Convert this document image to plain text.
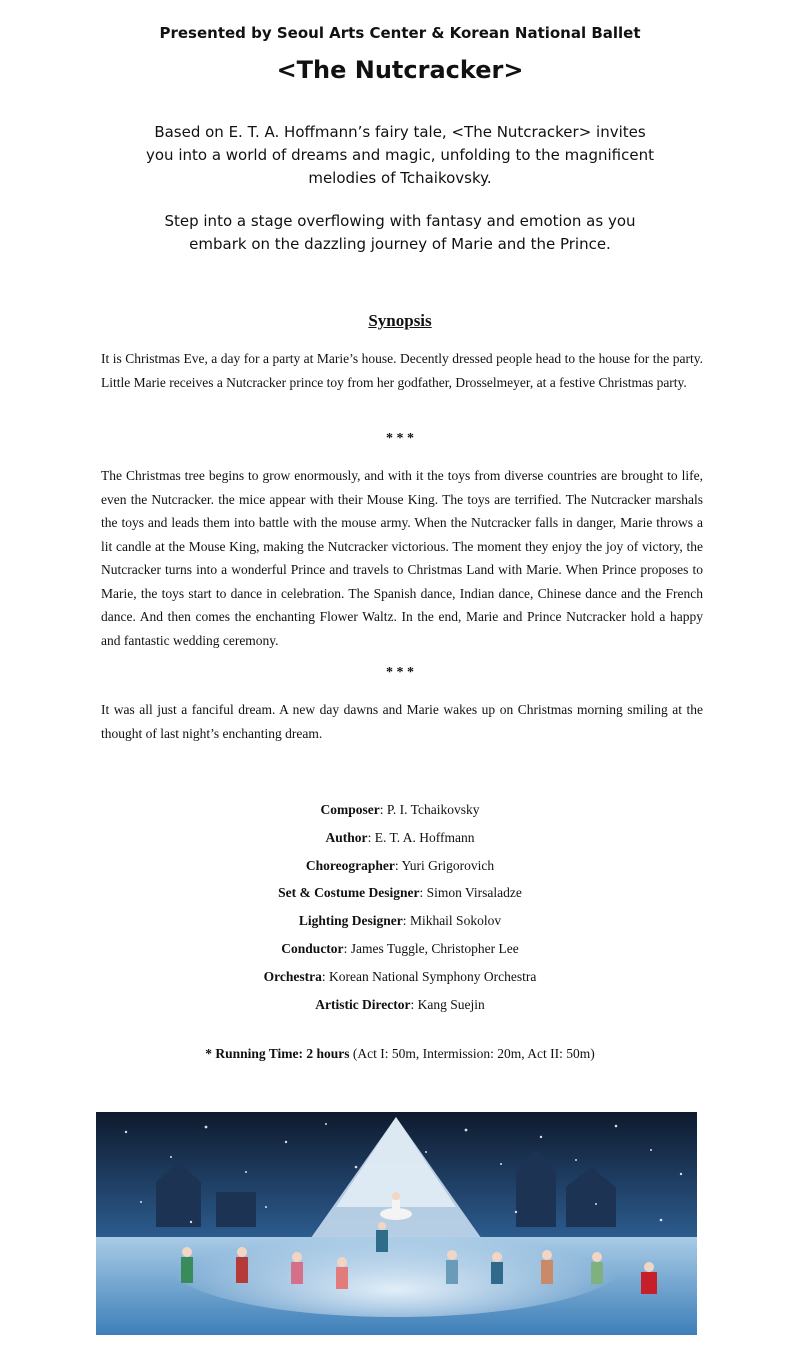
Presented by Seoul Arts Center & Korean National Ballet
<The Nutcracker>
Based on E. T. A. Hoffmann’s fairy tale, <The Nutcracker> invites you into a world of dreams and magic, unfolding to the magnificent melodies of Tchaikovsky.
Step into a stage overflowing with fantasy and emotion as you embark on the dazzling journey of Marie and the Prince.
Synopsis
It is Christmas Eve, a day for a party at Marie’s house. Decently dressed people head to the house for the party. Little Marie receives a Nutcracker prince toy from her godfather, Drosselmeyer, at a festive Christmas party.
* * *
The Christmas tree begins to grow enormously, and with it the toys from diverse countries are brought to life, even the Nutcracker. the mice appear with their Mouse King. The toys are terrified. The Nutcracker marshals the toys and leads them into battle with the mouse army. When the Nutcracker falls in danger, Marie throws a lit candle at the Mouse King, making the Nutcracker victorious. The moment they enjoy the joy of victory, the Nutcracker turns into a wonderful Prince and travels to Christmas Land with Marie. When Prince proposes to Marie, the toys start to dance in celebration. The Spanish dance, Indian dance, Chinese dance and the French dance. And then comes the enchanting Flower Waltz. In the end, Marie and Prince Nutcracker hold a happy and fantastic wedding ceremony.
* * *
It was all just a fanciful dream. A new day dawns and Marie wakes up on Christmas morning smiling at the thought of last night’s enchanting dream.
Composer: P. I. Tchaikovsky
Author: E. T. A. Hoffmann
Choreographer: Yuri Grigorovich
Set & Costume Designer: Simon Virsaladze
Lighting Designer: Mikhail Sokolov
Conductor: James Tuggle, Christopher Lee
Orchestra: Korean National Symphony Orchestra
Artistic Director: Kang Suejin
* Running Time: 2 hours (Act I: 50m, Intermission: 20m, Act II: 50m)
